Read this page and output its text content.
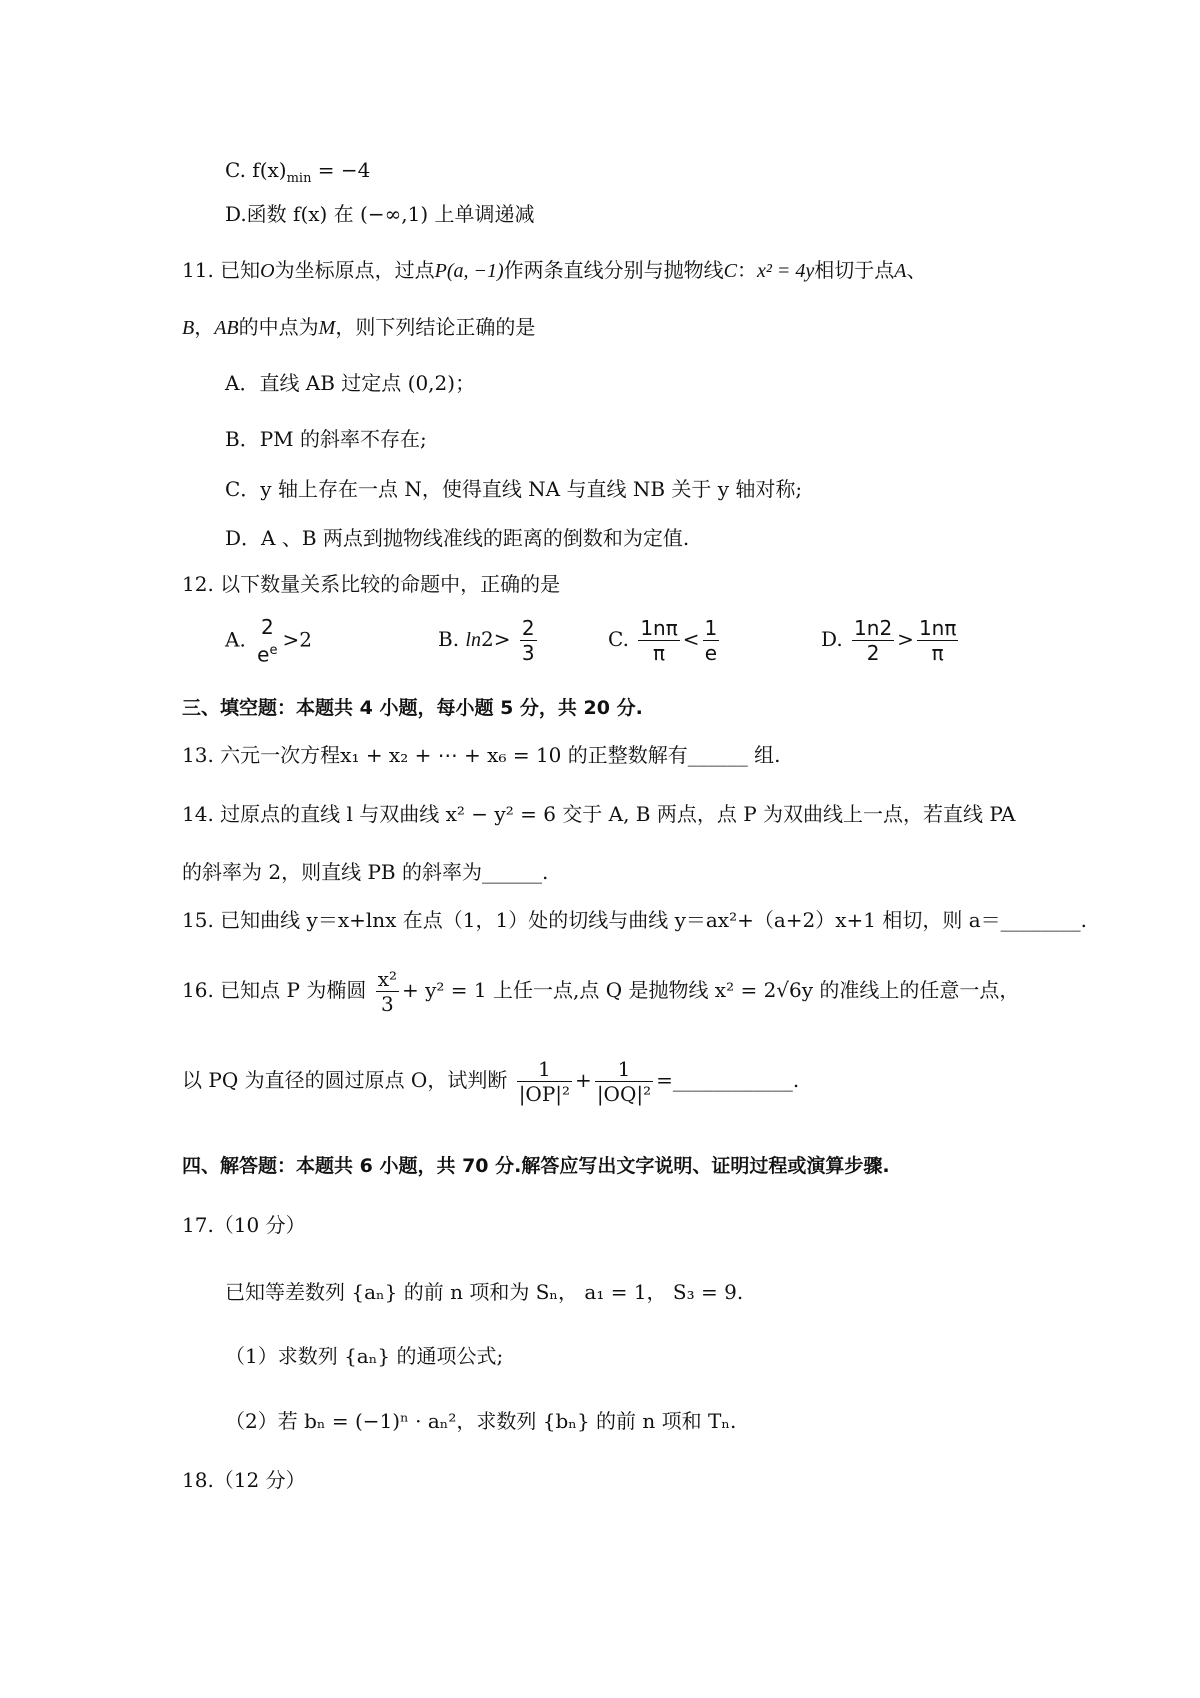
C. $f(x)_{min} = -4$
D.函数 f(x) 在 (−∞,1) 上单调递减
11. 已知O为坐标原点，过点P(a, −1)作两条直线分别与抛物线C：x² = 4y相切于点A、
B，AB的中点为M，则下列结论正确的是
A．直线 AB 过定点 (0,2)；
B．PM 的斜率不存在;
C．y 轴上存在一点 N，使得直线 NA 与直线 NB 关于 y 轴对称;
D．A 、B 两点到抛物线准线的距离的倒数和为定值.
12. 以下数量关系比较的命题中，正确的是
A.
2
$e^e >2$	B. $\ln 2> \frac{2}{3}$	C. $\frac{1n\pi}{\pi} < \frac{1}{e}$	D. $\frac{1n2}{2} > \frac{1n\pi}{\pi}$
三、填空题：本题共 4 小题，每小题 5 分，共 20 分.
13. 六元一次方程x₁ + x₂ + ⋯ + x₆ = 10 的正整数解有______ 组.
14. 过原点的直线 l 与双曲线 x² − y² = 6 交于 A, B 两点，点 P 为双曲线上一点，若直线 PA
的斜率为 2，则直线 PB 的斜率为______.
15. 已知曲线 y＝x+lnx 在点（1，1）处的切线与曲线 y＝ax²+（a+2）x+1 相切，则 a＝________.
16. 已知点 P 为椭圆 $\frac{\text{x²}}{3} + y^2 = 1$ 上任一点,点 Q 是抛物线 x² = 2√6y 的准线上的任意一点，
以 PQ 为直径的圆过原点 O，试判断 $\frac{1}{\text{|OP|²}} + \frac{1}{\text{|OQ|²}}$ =____________.
四、解答题：本题共 6 小题，共 70 分.解答应写出文字说明、证明过程或演算步骤.
17.（10 分）
已知等差数列 {aₙ} 的前 n 项和为 Sₙ， a₁ = 1， S₃ = 9.
（1）求数列 {aₙ} 的通项公式;
（2）若 bₙ = (−1)ⁿ · aₙ²，求数列 {bₙ} 的前 n 项和 Tₙ.
18.（12 分）
